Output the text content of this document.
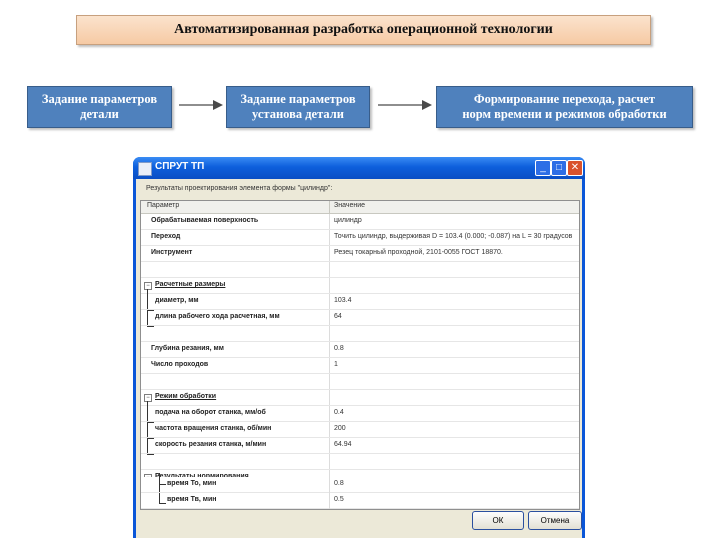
Автоматизированная разработка операционной технологии
Задание параметров
детали
Задание параметров
установа детали
Формирование перехода, расчет
норм времени и режимов обработки
СПРУТ ТП	_	□ ✕
Результаты проектирования элемента формы "цилиндр":
Параметр	Значение
Обрабатываемая поверхность	цилиндр
Переход	Точить цилиндр, выдерживая D = 103.4 (0.000; -0.087) на L = 30 градусов
Инструмент	Резец токарный проходной, 2101-0055 ГОСТ 18870.
− Расчетные размеры
диаметр, мм	103.4
длина рабочего хода расчетная, мм	64
Глубина резания, мм	0.8
Число проходов	1
− Режим обработки
подача на оборот станка, мм/об	0.4
частота вращения станка, об/мин	200
скорость резания станка, м/мин	64.94
ОК	Отмена
время То, мин	0.8
время Тв, мин	0.5
